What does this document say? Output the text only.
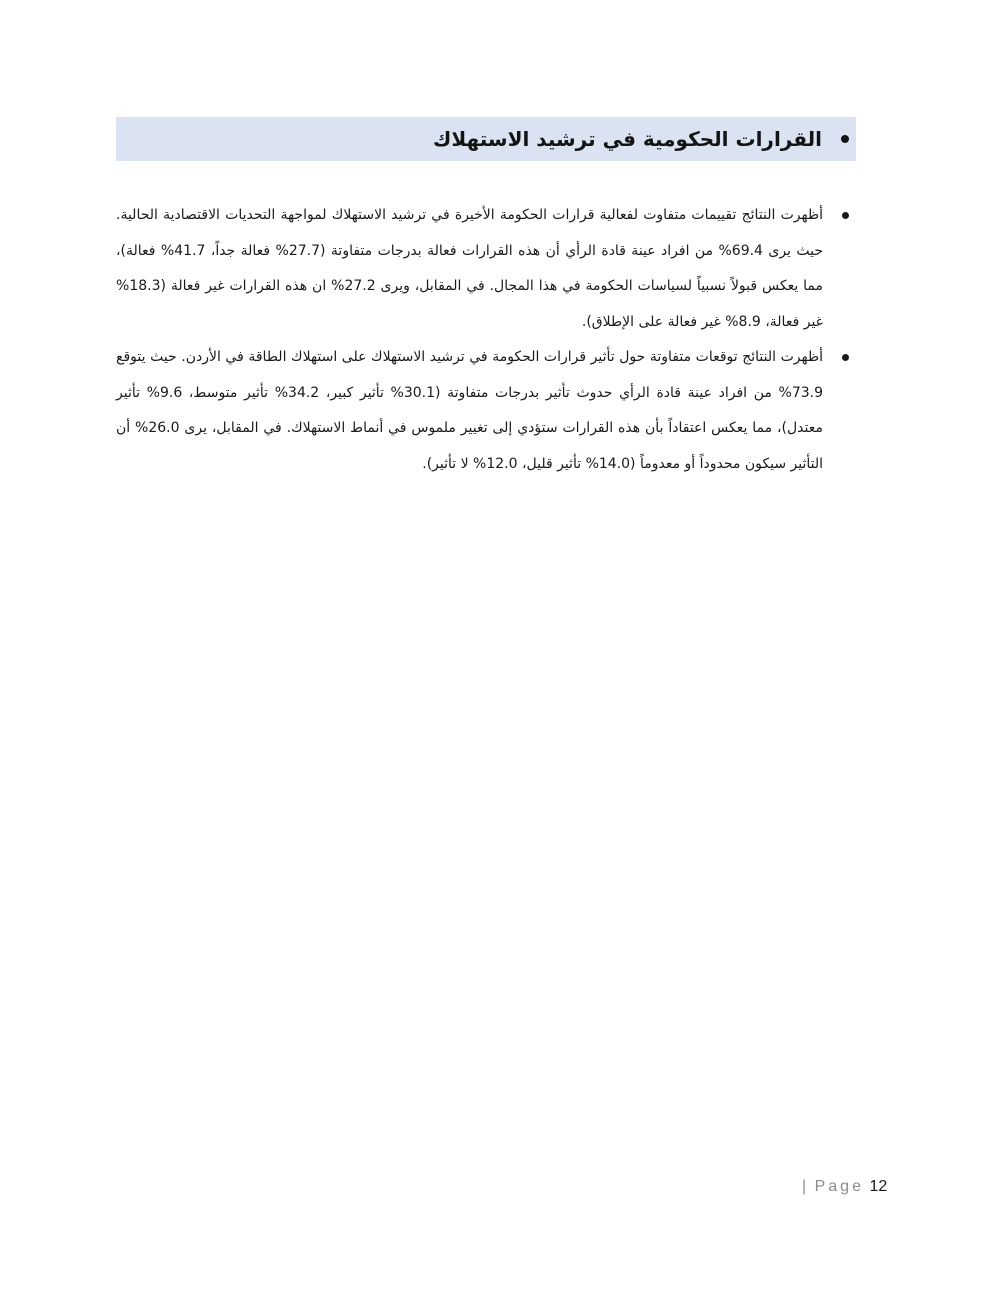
القرارات الحكومية في ترشيد الاستهلاك
أظهرت النتائج تقييمات متفاوت لفعالية قرارات الحكومة الأخيرة في ترشيد الاستهلاك لمواجهة التحديات الاقتصادية الحالية. حيث يرى 69.4% من افراد عينة قادة الرأي أن هذه القرارات فعالة بدرجات متفاوتة (27.7% فعالة جداً، 41.7% فعالة)، مما يعكس قبولاً نسبياً لسياسات الحكومة في هذا المجال. في المقابل، ويرى 27.2% ان هذه القرارات غير فعالة (18.3% غير فعالة، 8.9% غير فعالة على الإطلاق).
أظهرت النتائج توقعات متفاوتة حول تأثير قرارات الحكومة في ترشيد الاستهلاك على استهلاك الطاقة في الأردن. حيث يتوقع 73.9% من افراد عينة قادة الرأي حدوث تأثير بدرجات متفاوتة (30.1% تأثير كبير، 34.2% تأثير متوسط، 9.6% تأثير معتدل)، مما يعكس اعتقاداً بأن هذه القرارات ستؤدي إلى تغيير ملموس في أنماط الاستهلاك. في المقابل، يرى 26.0% أن التأثير سيكون محدوداً أو معدوماً (14.0% تأثير قليل، 12.0% لا تأثير).
| Page 12
